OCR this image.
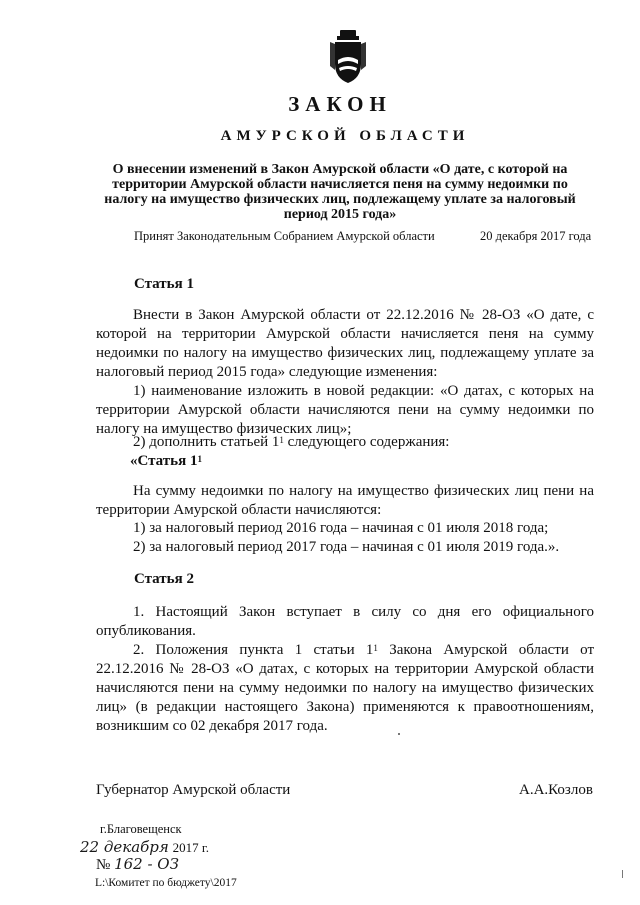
ЗАКОН
АМУРСКОЙ ОБЛАСТИ
О внесении изменений в Закон Амурской области «О дате, с которой на территории Амурской области начисляется пеня на сумму недоимки по налогу на имущество физических лиц, подлежащему уплате за налоговый период 2015 года»
Принят Законодательным Собранием Амурской области	20 декабря 2017 года
Статья 1
Внести в Закон Амурской области от 22.12.2016 № 28-ОЗ «О дате, с которой на территории Амурской области начисляется пеня на сумму недоимки по налогу на имущество физических лиц, подлежащему уплате за налоговый период 2015 года» следующие изменения:
1) наименование изложить в новой редакции: «О датах, с которых на территории Амурской области начисляются пени на сумму недоимки по налогу на имущество физических лиц»;
2) дополнить статьей $1^1$ следующего содержания:
«Статья $1^1$
На сумму недоимки по налогу на имущество физических лиц пени на территории Амурской области начисляются:
1) за налоговый период 2016 года – начиная с 01 июля 2018 года;
2) за налоговый период 2017 года – начиная с 01 июля 2019 года.».
Статья 2
1. Настоящий Закон вступает в силу со дня его официального опубликования.
2. Положения пункта 1 статьи $1^1$ Закона Амурской области от 22.12.2016 № 28-ОЗ «О датах, с которых на территории Амурской области начисляются пени на сумму недоимки по налогу на имущество физических лиц» (в редакции настоящего Закона) применяются к правоотношениям, возникшим со 02 декабря 2017 года.
Губернатор Амурской области	А.А.Козлов
г.Благовещенск
22 декабря 2017 г.
№ 162 - ОЗ
L:\Комитет по бюджету\2017
